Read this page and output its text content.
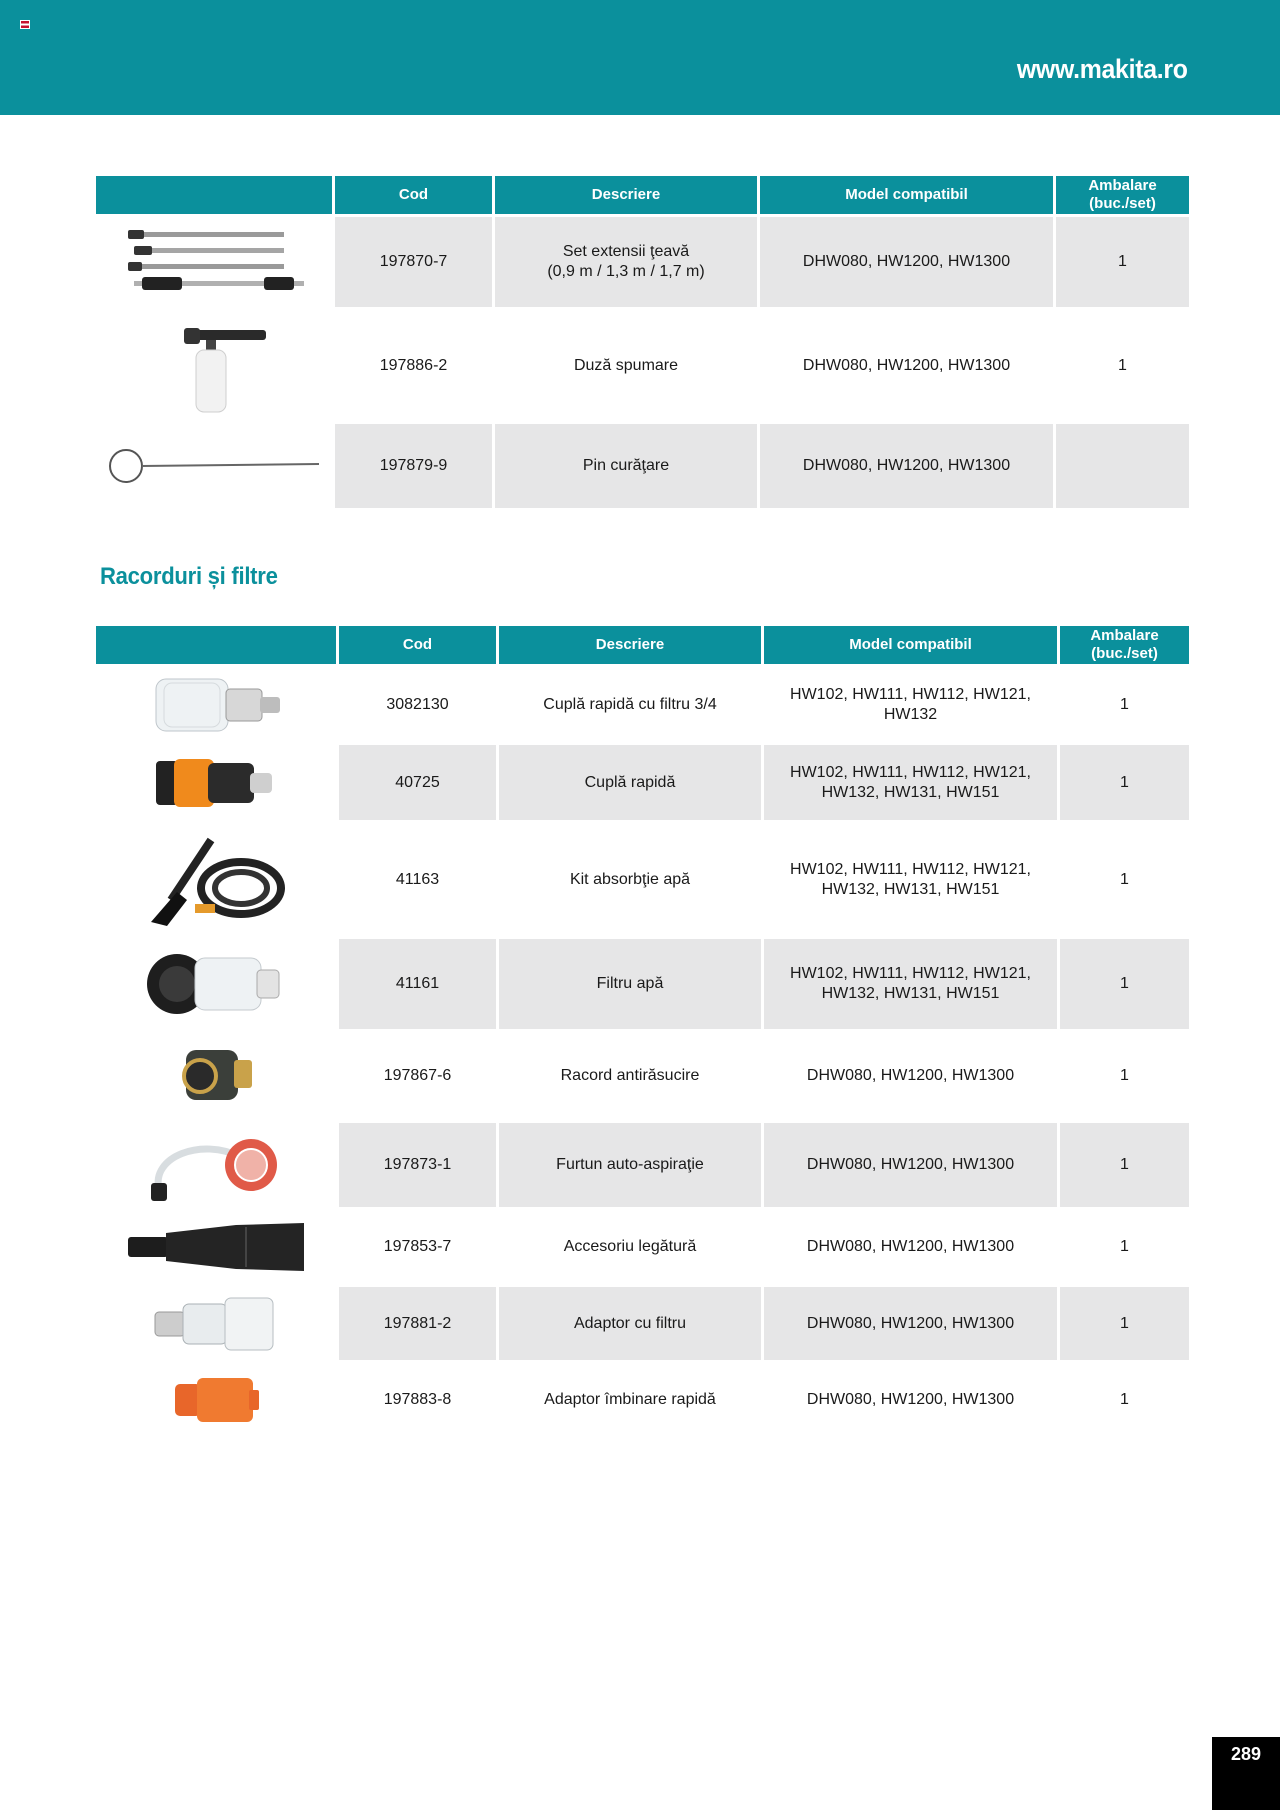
www.makita.ro
	Cod	Descriere	Model compatibil	Ambalare (buc./set)

	197870-7	Set extensii ţeavă
(0,9 m / 1,3 m / 1,7 m)	DHW080, HW1200, HW1300	1

	197886-2	Duză spumare	DHW080, HW1200, HW1300	1

	197879-9	Pin curăţare	DHW080, HW1200, HW1300	
Racorduri și filtre
	Cod	Descriere	Model compatibil	Ambalare (buc./set)

	3082130	Cuplă rapidă cu filtru 3/4	HW102, HW111, HW112, HW121,
HW132	1

	40725	Cuplă rapidă	HW102, HW111, HW112, HW121,
HW132, HW131, HW151	1

	41163	Kit absorbţie apă	HW102, HW111, HW112, HW121,
HW132, HW131, HW151	1

	41161	Filtru apă	HW102, HW111, HW112, HW121,
HW132, HW131, HW151	1

	197867-6	Racord antirăsucire	DHW080, HW1200, HW1300	1

	197873-1	Furtun auto-aspiraţie	DHW080, HW1200, HW1300	1

	197853-7	Accesoriu legătură	DHW080, HW1200, HW1300	1

	197881-2	Adaptor cu filtru	DHW080, HW1200, HW1300	1

	197883-8	Adaptor îmbinare rapidă	DHW080, HW1200, HW1300	1
289
